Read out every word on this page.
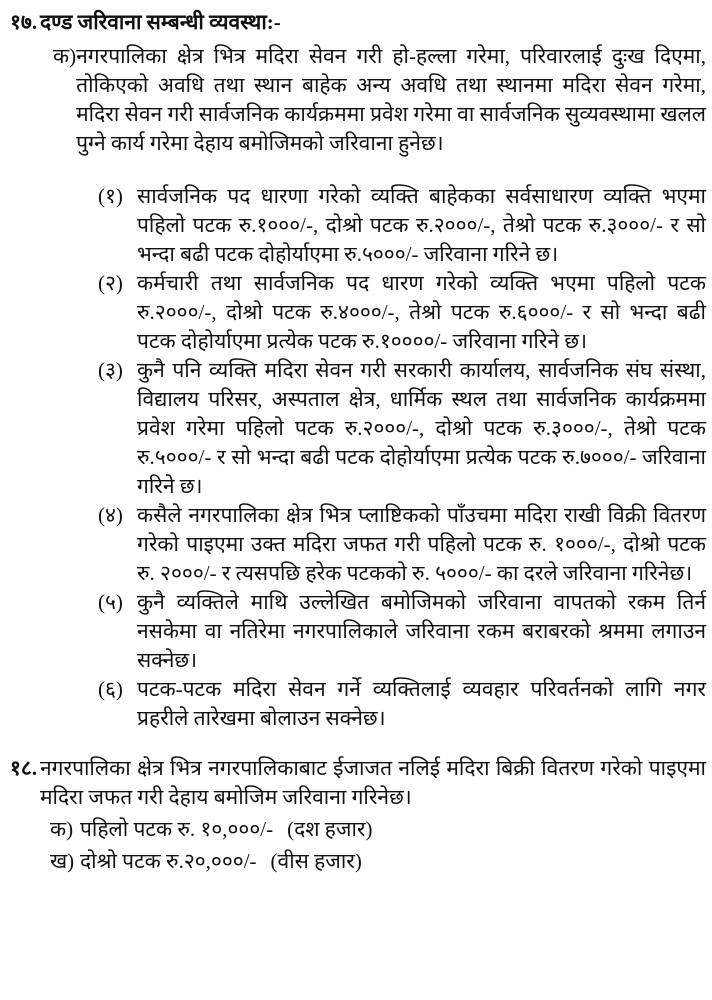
१७. दण्ड जरिवाना सम्बन्धी व्यवस्था:-
क) नगरपालिका क्षेत्र भित्र मदिरा सेवन गरी हो-हल्ला गरेमा, परिवारलाई दुःख दिएमा, तोकिएको अवधि तथा स्थान बाहेक अन्य अवधि तथा स्थानमा मदिरा सेवन गरेमा, मदिरा सेवन गरी सार्वजनिक कार्यक्रममा प्रवेश गरेमा वा सार्वजनिक सुव्यवस्थामा खलल पुग्ने कार्य गरेमा देहाय बमोजिमको जरिवाना हुनेछ।

(१) सार्वजनिक पद धारणा गरेको व्यक्ति बाहेकका सर्वसाधारण व्यक्ति भएमा पहिलो पटक रु.१०००/-, दोश्रो पटक रु.२०००/-, तेश्रो पटक रु.३०००/- र सो भन्दा बढी पटक दोहोर्याएमा रु.५०००/- जरिवाना गरिने छ।

(२) कर्मचारी तथा सार्वजनिक पद धारण गरेको व्यक्ति भएमा पहिलो पटक रु.२०००/-, दोश्रो पटक रु.४०००/-, तेश्रो पटक रु.६०००/- र सो भन्दा बढी पटक दोहोर्याएमा प्रत्येक पटक रु.१००००/- जरिवाना गरिने छ।

(३) कुनै पनि व्यक्ति मदिरा सेवन गरी सरकारी कार्यालय, सार्वजनिक संघ संस्था, विद्यालय परिसर, अस्पताल क्षेत्र, धार्मिक स्थल तथा सार्वजनिक कार्यक्रममा प्रवेश गरेमा पहिलो पटक रु.२०००/-, दोश्रो पटक रु.३०००/-, तेश्रो पटक रु.५०००/- र सो भन्दा बढी पटक दोहोर्याएमा प्रत्येक पटक रु.७०००/- जरिवाना गरिने छ।

(४) कसैले नगरपालिका क्षेत्र भित्र प्लाष्टिकको पाँउचमा मदिरा राखी विक्री वितरण गरेको पाइएमा उक्त मदिरा जफत गरी पहिलो पटक रु. १०००/-, दोश्रो पटक रु. २०००/- र त्यसपछि हरेक पटकको रु. ५०००/- का दरले जरिवाना गरिनेछ।

(५) कुनै व्यक्तिले माथि उल्लेखित बमोजिमको जरिवाना वापतको रकम तिर्न नसकेमा वा नतिरेमा नगरपालिकाले जरिवाना रकम बराबरको श्रममा लगाउन सक्नेछ।

(६) पटक-पटक मदिरा सेवन गर्ने व्यक्तिलाई व्यवहार परिवर्तनको लागि नगर प्रहरीले तारेखमा बोलाउन सक्नेछ।

१८. नगरपालिका क्षेत्र भित्र नगरपालिकाबाट ईजाजत नलिई मदिरा बिक्री वितरण गरेको पाइएमा मदिरा जफत गरी देहाय बमोजिम जरिवाना गरिनेछ।

क) पहिलो पटक रु. १०,०००/- (दश हजार)
ख) दोश्रो पटक रु.२०,०००/- (वीस हजार)
